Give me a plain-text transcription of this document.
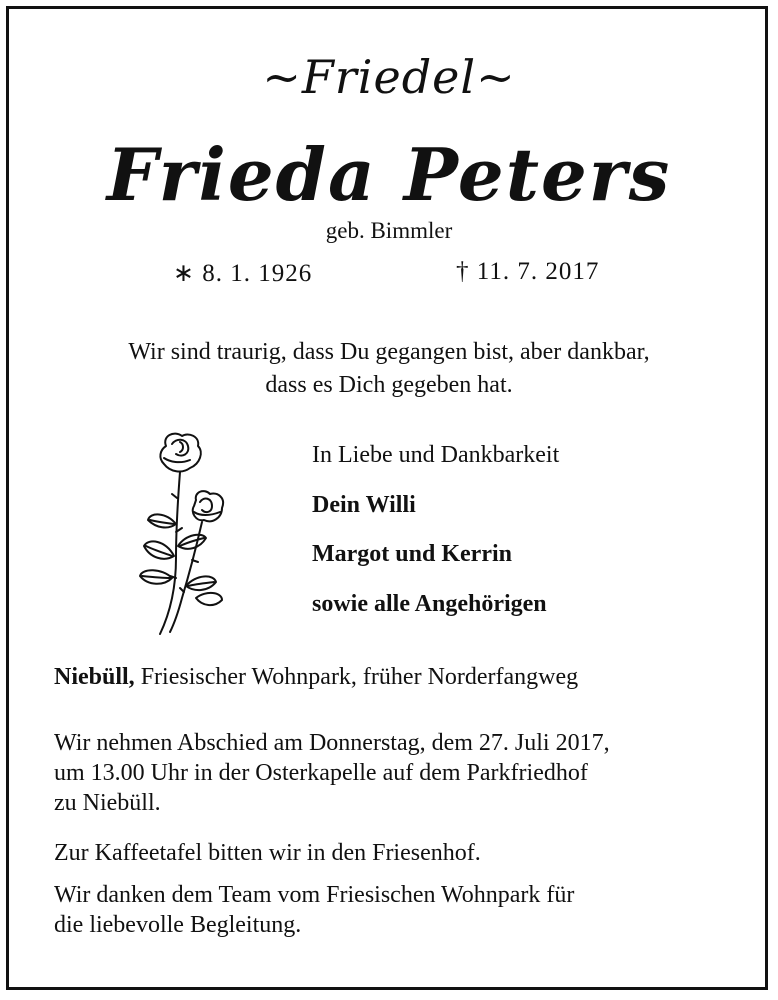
~Friedel~

Frieda Peters

geb. Bimmler

∗ 8. 1. 1926	† 11. 7. 2017

Wir sind traurig, dass Du gegangen bist, aber dankbar,
dass es Dich gegeben hat.

In Liebe und Dankbarkeit

Dein Willi

Margot und Kerrin

sowie alle Angehörigen

Niebüll, Friesischer Wohnpark, früher Norderfangweg

Wir nehmen Abschied am Donnerstag, dem 27. Juli 2017,
um 13.00 Uhr in der Osterkapelle auf dem Parkfriedhof
zu Niebüll.

Zur Kaffeetafel bitten wir in den Friesenhof.

Wir danken dem Team vom Friesischen Wohnpark für
die liebevolle Begleitung.
